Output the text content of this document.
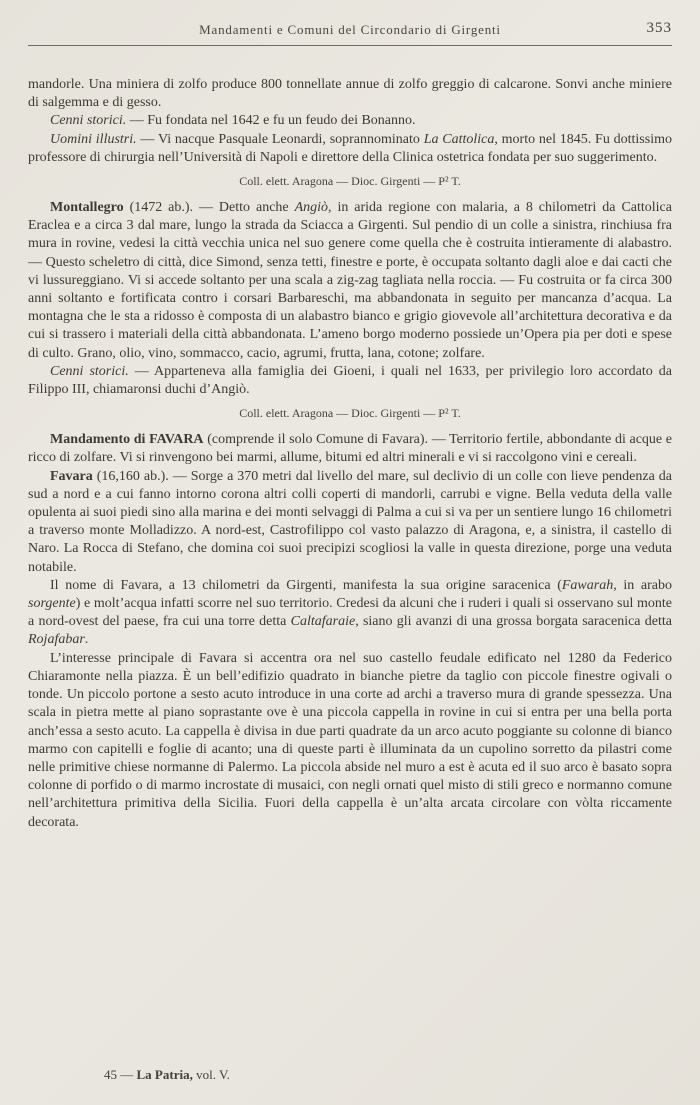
Mandamenti e Comuni del Circondario di Girgenti	353

mandorle. Una miniera di zolfo produce 800 tonnellate annue di zolfo greggio di calcarone. Sonvi anche miniere di salgemma e di gesso.

Cenni storici. — Fu fondata nel 1642 e fu un feudo dei Bonanno.

Uomini illustri. — Vi nacque Pasquale Leonardi, soprannominato La Cattolica, morto nel 1845. Fu dottissimo professore di chirurgia nell’Università di Napoli e direttore della Clinica ostetrica fondata per suo suggerimento.

Coll. elett. Aragona — Dioc. Girgenti — P² T.

Montallegro (1472 ab.). — Detto anche Angiò, in arida regione con malaria, a 8 chilometri da Cattolica Eraclea e a circa 3 dal mare, lungo la strada da Sciacca a Girgenti. Sul pendio di un colle a sinistra, rinchiusa fra mura in rovine, vedesi la città vecchia unica nel suo genere come quella che è costruita intieramente di alabastro. — Questo scheletro di città, dice Simond, senza tetti, finestre e porte, è occupata soltanto dagli aloe e dai cacti che vi lussureggiano. Vi si accede soltanto per una scala a zig-zag tagliata nella roccia. — Fu costruita or fa circa 300 anni soltanto e fortificata contro i corsari Barbareschi, ma abbandonata in seguito per mancanza d’acqua. La montagna che le sta a ridosso è composta di un alabastro bianco e grigio giovevole all’architettura decorativa e da cui si trassero i materiali della città abbandonata. L’ameno borgo moderno possiede un’Opera pia per doti e spese di culto. Grano, olio, vino, sommacco, cacio, agrumi, frutta, lana, cotone; zolfare.

Cenni storici. — Apparteneva alla famiglia dei Gioeni, i quali nel 1633, per privilegio loro accordato da Filippo III, chiamaronsi duchi d’Angiò.

Coll. elett. Aragona — Dioc. Girgenti — P² T.

Mandamento di FAVARA (comprende il solo Comune di Favara). — Territorio fertile, abbondante di acque e ricco di zolfare. Vi si rinvengono bei marmi, allume, bitumi ed altri minerali e vi si raccolgono vini e cereali.

Favara (16,160 ab.). — Sorge a 370 metri dal livello del mare, sul declivio di un colle con lieve pendenza da sud a nord e a cui fanno intorno corona altri colli coperti di mandorli, carrubi e vigne. Bella veduta della valle opulenta ai suoi piedi sino alla marina e dei monti selvaggi di Palma a cui si va per un sentiere lungo 16 chilometri a traverso monte Molladizzo. A nord-est, Castrofilippo col vasto palazzo di Aragona, e, a sinistra, il castello di Naro. La Rocca di Stefano, che domina coi suoi precipizi scogliosi la valle in questa direzione, porge una veduta notabile.

Il nome di Favara, a 13 chilometri da Girgenti, manifesta la sua origine saracenica (Fawarah, in arabo sorgente) e molt’acqua infatti scorre nel suo territorio. Credesi da alcuni che i ruderi i quali si osservano sul monte a nord-ovest del paese, fra cui una torre detta Caltafaraie, siano gli avanzi di una grossa borgata saracenica detta Rojafabar.

L’interesse principale di Favara si accentra ora nel suo castello feudale edificato nel 1280 da Federico Chiaramonte nella piazza. È un bell’edifizio quadrato in bianche pietre da taglio con piccole finestre ogivali o tonde. Un piccolo portone a sesto acuto introduce in una corte ad archi a traverso mura di grande spessezza. Una scala in pietra mette al piano soprastante ove è una piccola cappella in rovine in cui si entra per una bella porta anch’essa a sesto acuto. La cappella è divisa in due parti quadrate da un arco acuto poggiante su colonne di bianco marmo con capitelli e foglie di acanto; una di queste parti è illuminata da un cupolino sorretto da pilastri come nelle primitive chiese normanne di Palermo. La piccola abside nel muro a est è acuta ed il suo arco è basato sopra colonne di porfido o di marmo incrostate di musaici, con negli ornati quel misto di stili greco e normanno comune nell’architettura primitiva della Sicilia. Fuori della cappella è un’alta arcata circolare con vòlta riccamente decorata.

45 — La Patria, vol. V.
